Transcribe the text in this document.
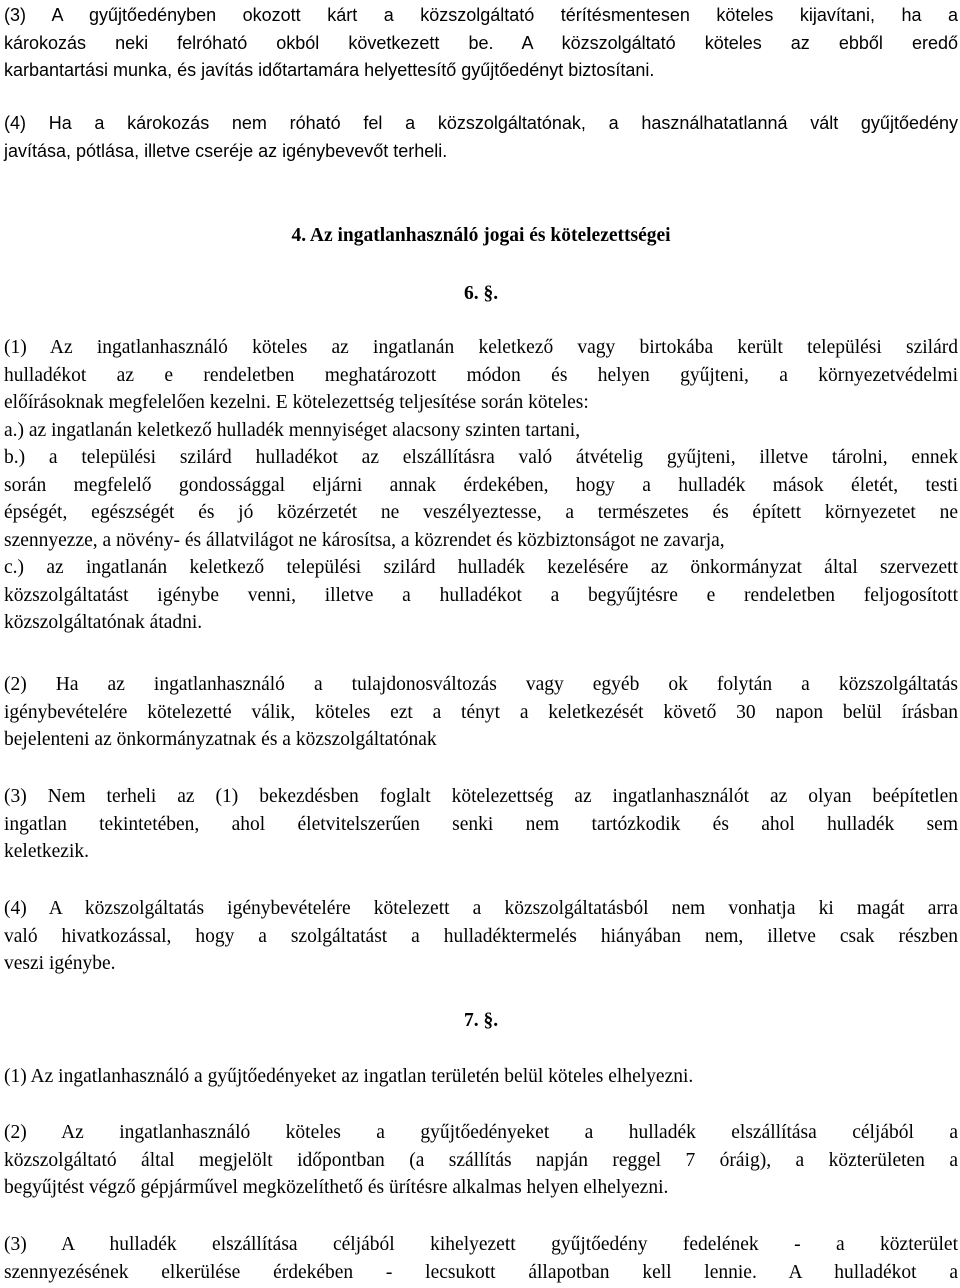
(3) A gyűjtőedényben okozott kárt a közszolgáltató térítésmentesen köteles kijavítani, ha a

károkozás neki felróható okból következett be. A közszolgáltató köteles az ebből eredő

karbantartási munka, és javítás időtartamára helyettesítő gyűjtőedényt biztosítani.

(4) Ha a károkozás nem róható fel a közszolgáltatónak, a használhatatlanná vált gyűjtőedény

javítása, pótlása, illetve cseréje az igénybevevőt terheli.

4. Az ingatlanhasználó jogai és kötelezettségei
6. §.

(1) Az ingatlanhasználó köteles az ingatlanán keletkező vagy birtokába került települési szilárd

hulladékot az e rendeletben meghatározott módon és helyen gyűjteni, a környezetvédelmi

előírásoknak megfelelően kezelni. E kötelezettség teljesítése során köteles:

a.) az ingatlanán keletkező hulladék mennyiséget alacsony szinten tartani,

b.) a települési szilárd hulladékot az elszállításra való átvételig gyűjteni, illetve tárolni, ennek

során megfelelő gondossággal eljárni annak érdekében, hogy a hulladék mások életét, testi

épségét, egészségét és jó közérzetét ne veszélyeztesse, a természetes és épített környezetet ne

szennyezze, a növény- és állatvilágot ne károsítsa, a közrendet és közbiztonságot ne zavarja,

c.) az ingatlanán keletkező települési szilárd hulladék kezelésére az önkormányzat által szervezett

közszolgáltatást igénybe venni, illetve a hulladékot a begyűjtésre e rendeletben feljogosított

közszolgáltatónak átadni.

(2) Ha az ingatlanhasználó a tulajdonosváltozás vagy egyéb ok folytán a közszolgáltatás

igénybevételére kötelezetté válik, köteles ezt a tényt a keletkezését követő 30 napon belül írásban

bejelenteni az önkormányzatnak és a közszolgáltatónak

(3) Nem terheli az (1) bekezdésben foglalt kötelezettség az ingatlanhasználót az olyan beépítetlen

ingatlan tekintetében, ahol életvitelszerűen senki nem tartózkodik és ahol hulladék sem

keletkezik.

(4) A közszolgáltatás igénybevételére kötelezett a közszolgáltatásból nem vonhatja ki magát arra

való hivatkozással, hogy a szolgáltatást a hulladéktermelés hiányában nem, illetve csak részben

veszi igénybe.

7. §.

(1) Az ingatlanhasználó a gyűjtőedényeket az ingatlan területén belül köteles elhelyezni.

(2) Az ingatlanhasználó köteles a gyűjtőedényeket a hulladék elszállítása céljából a

közszolgáltató által megjelölt időpontban (a szállítás napján reggel 7 óráig), a közterületen a

begyűjtést végző gépjárművel megközelíthető és ürítésre alkalmas helyen elhelyezni.

(3) A hulladék elszállítása céljából kihelyezett gyűjtőedény fedelének - a közterület

szennyezésének elkerülése érdekében - lecsukott állapotban kell lennie. A hulladékot a
